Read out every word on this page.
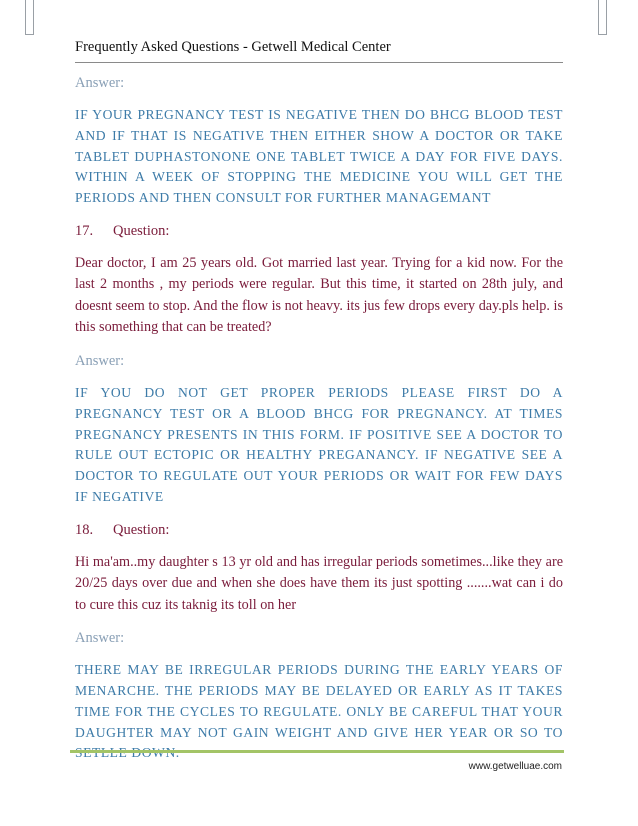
Frequently Asked Questions - Getwell Medical Center

Answer:

IF YOUR PREGNANCY TEST IS NEGATIVE THEN DO BHCG BLOOD TEST AND IF THAT IS NEGATIVE THEN EITHER SHOW A DOCTOR OR TAKE TABLET DUPHASTONONE ONE TABLET TWICE A DAY FOR FIVE DAYS. WITHIN A WEEK OF STOPPING THE MEDICINE YOU WILL GET THE PERIODS AND THEN CONSULT FOR FURTHER MANAGEMANT

17. Question:

Dear doctor, I am 25 years old. Got married last year. Trying for a kid now. For the last 2 months , my periods were regular. But this time, it started on 28th july, and doesnt seem to stop. And the flow is not heavy. its jus few drops every day.pls help. is this something that can be treated?

Answer:

IF YOU DO NOT GET PROPER PERIODS PLEASE FIRST DO A PREGNANCY TEST OR A BLOOD BHCG FOR PREGNANCY. AT TIMES PREGNANCY PRESENTS IN THIS FORM. IF POSITIVE SEE A DOCTOR TO RULE OUT ECTOPIC OR HEALTHY PREGANANCY. IF NEGATIVE SEE A DOCTOR TO REGULATE OUT YOUR PERIODS OR WAIT FOR FEW DAYS IF NEGATIVE

18. Question:

Hi ma'am..my daughter s 13 yr old and has irregular periods sometimes...like they are 20/25 days over due and when she does have them its just spotting .......wat can i do to cure this cuz its taknig its toll on her

Answer:

THERE MAY BE IRREGULAR PERIODS DURING THE EARLY YEARS OF MENARCHE. THE PERIODS MAY BE DELAYED OR EARLY AS IT TAKES TIME FOR THE CYCLES TO REGULATE. ONLY BE CAREFUL THAT YOUR DAUGHTER MAY NOT GAIN WEIGHT AND GIVE HER YEAR OR SO TO

www.getwelluae.com
